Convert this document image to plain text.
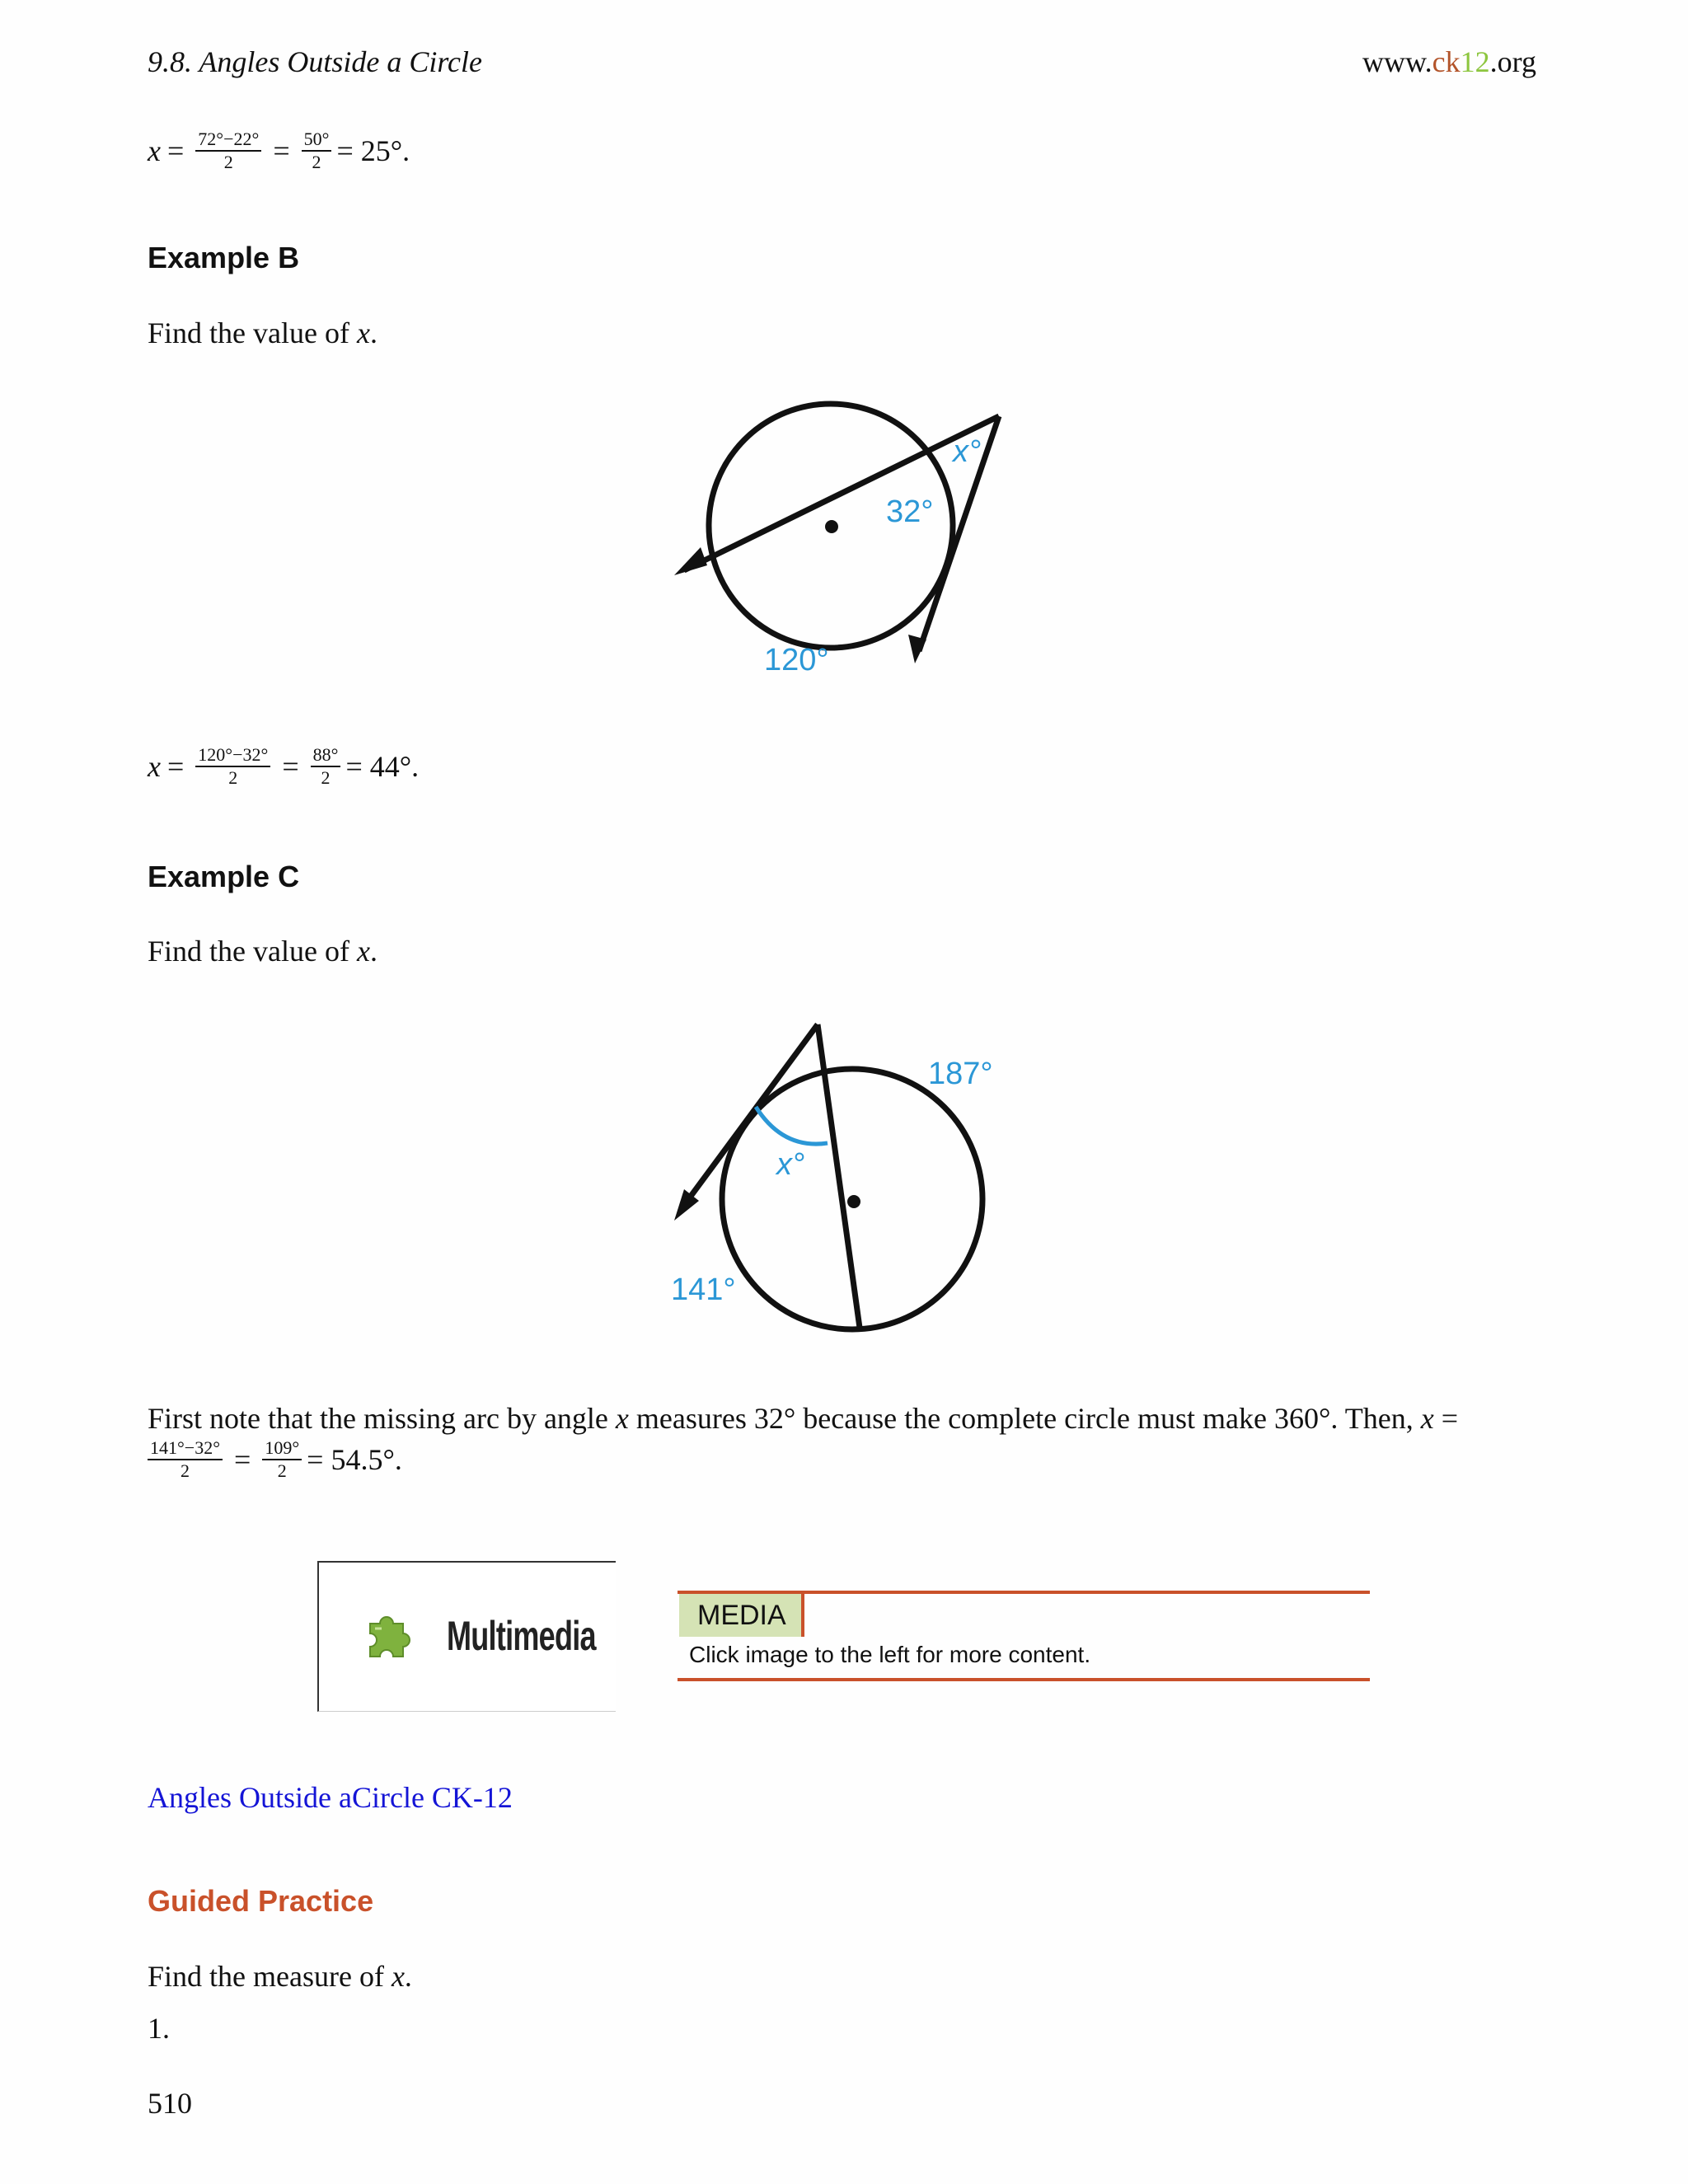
9.8. Angles Outside a Circle	www.ck12.org
$x = \frac{72^\circ-22^\circ}{2} = \frac{50^\circ}{2} = 25^\circ$.
Example B
Find the value of x.
x°
32°
120°
$x = \frac{120^\circ-32^\circ}{2} = \frac{88^\circ}{2} = 44^\circ$.
Example C
Find the value of x.
x°
187°
141°
First note that the missing arc by angle x measures 32° because the complete circle must make 360°. Then, x =
$\frac{141^\circ-32^\circ}{2} = \frac{109^\circ}{2} = 54.5^\circ$.
Multimedia	MEDIA
Click image to the left for more content.
Angles Outside aCircle CK-12
Guided Practice
Find the measure of x.
1.
510
